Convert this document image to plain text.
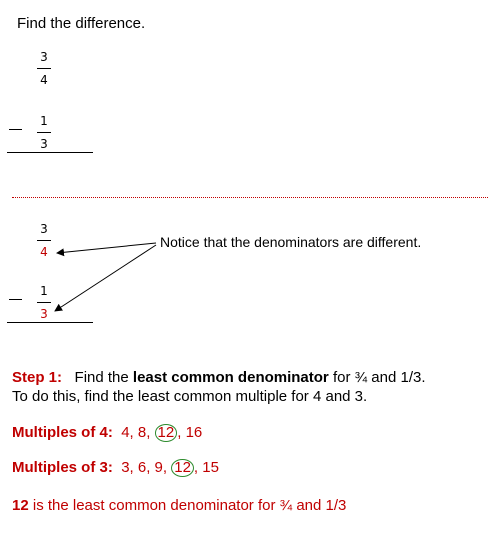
Find the difference.
3
4
1
3
3
4
1
3
Notice that the denominators are different.
Step 1: Find the least common denominator for ¾ and 1/3.
To do this, find the least common multiple for 4 and 3.
Multiples of 4: 4, 8, 12 , 16
Multiples of 3: 3, 6, 9, 12 , 15
12 is the least common denominator for ¾ and 1/3
